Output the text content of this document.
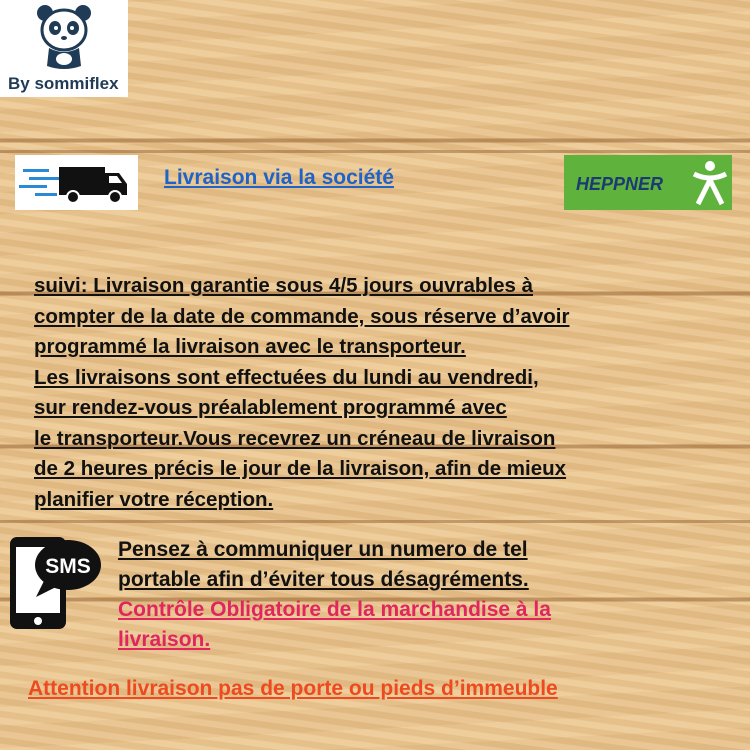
By sommiflex
Livraison via la société	HEPPNER
suivi: Livraison garantie sous 4/5 jours ouvrables à
compter de la date de commande, sous réserve d’avoir
programmé la livraison avec le transporteur.
Les livraisons sont effectuées du lundi au vendredi,
sur rendez-vous préalablement programmé avec
le transporteur.Vous recevrez un créneau de livraison
de 2 heures précis le jour de la livraison, afin de mieux
planifier votre réception.
SMS
Pensez à communiquer un numero de tel
portable afin d’éviter tous désagréments.
Contrôle Obligatoire de la marchandise à la
livraison.
Attention livraison pas de porte ou pieds d’immeuble
